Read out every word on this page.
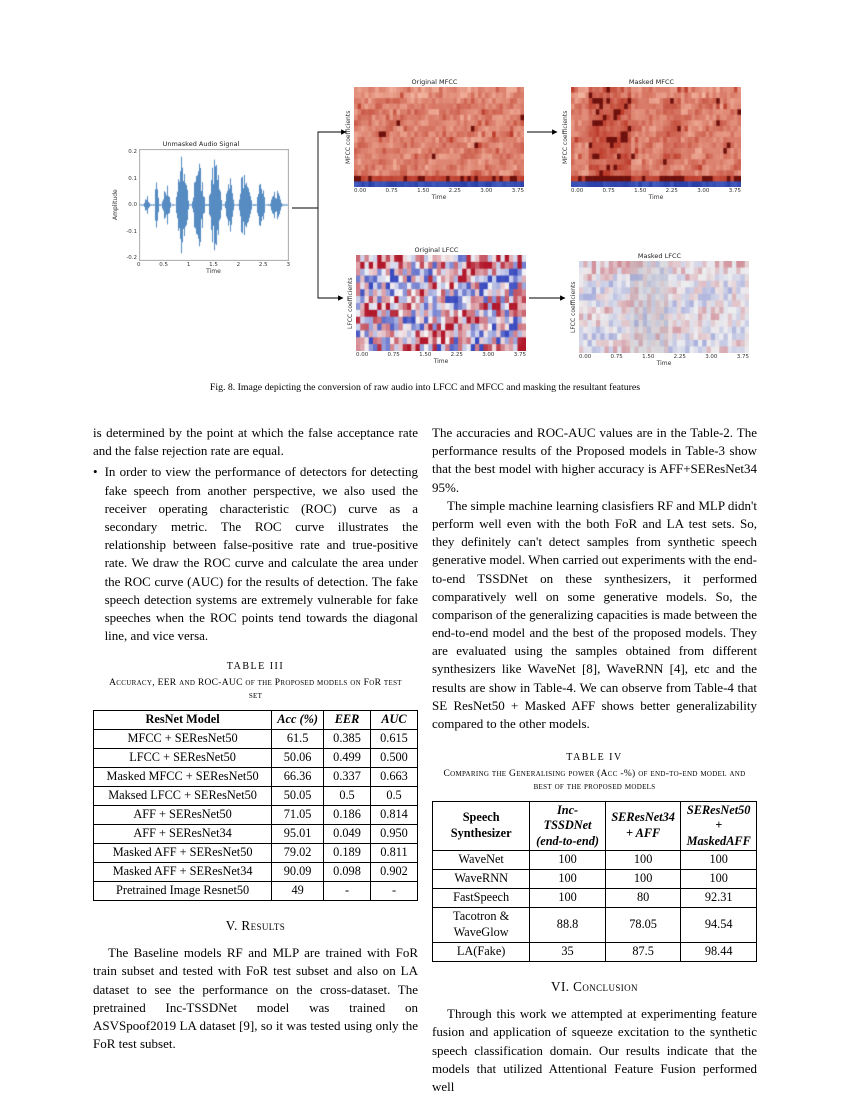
Unmasked Audio Signal
Amplitude
0.2
0.1
0.0
-0.1
-0.2
0	0.5	1	1.5	2	2.5	3
Time
Original MFCC
MFCC coefficients
0.00	0.75	1.50	2.25	3.00	3.75
Time
Masked MFCC
MFCC coefficients
0.00	0.75	1.50	2.25	3.00	3.75
Time
Original LFCC
LFCC coefficients
0.00	0.75	1.50	2.25	3.00	3.75
Time
Masked LFCC
LFCC coefficients
0.00	0.75	1.50	2.25	3.00	3.75
Time
Fig. 8. Image depicting the conversion of raw audio into LFCC and MFCC and masking the resultant features

is determined by the point at which the false acceptance rate and the false rejection rate are equal.

• In order to view the performance of detectors for detecting fake speech from another perspective, we also used the receiver operating characteristic (ROC) curve as a secondary metric. The ROC curve illustrates the relationship between false-positive rate and true-positive rate. We draw the ROC curve and calculate the area under the ROC curve (AUC) for the results of detection. The fake speech detection systems are extremely vulnerable for fake speeches when the ROC points tend towards the diagonal line, and vice versa.
TABLE III
Accuracy, EER and ROC-AUC of the Proposed models on FoR test set
ResNet Model	Acc (%)	EER	AUC
MFCC + SEResNet50	61.5	0.385	0.615
LFCC + SEResNet50	50.06	0.499	0.500
Masked MFCC + SEResNet50	66.36	0.337	0.663
Maksed LFCC + SEResNet50	50.05	0.5	0.5
AFF + SEResNet50	71.05	0.186	0.814
AFF + SEResNet34	95.01	0.049	0.950
Masked AFF + SEResNet50	79.02	0.189	0.811
Masked AFF + SEResNet34	90.09	0.098	0.902
Pretrained Image Resnet50	49	-	-
V. Results

The Baseline models RF and MLP are trained with FoR train subset and tested with FoR test subset and also on LA dataset to see the performance on the cross-dataset. The pretrained Inc-TSSDNet model was trained on ASVSpoof2019 LA dataset [9], so it was tested using only the FoR test subset.

The accuracies and ROC-AUC values are in the Table-2. The performance results of the Proposed models in Table-3 show that the best model with higher accuracy is AFF+SEResNet34 95%.

The simple machine learning clasisfiers RF and MLP didn't perform well even with the both FoR and LA test sets. So, they definitely can't detect samples from synthetic speech generative model. When carried out experiments with the end-to-end TSSDNet on these synthesizers, it performed comparatively well on some generative models. So, the comparison of the generalizing capacities is made between the end-to-end model and the best of the proposed models. They are evaluated using the samples obtained from different synthesizers like WaveNet [8], WaveRNN [4], etc and the results are show in Table-4. We can observe from Table-4 that SE ResNet50 + Masked AFF shows better generalizability compared to the other models.

TABLE IV
Comparing the Generalising power (Acc -%) of end-to-end model and best of the proposed models
Speech
Synthesizer

Inc-TSSDNet
(end-to-end)

SEResNet34
+ AFF

SEResNet50
+ MaskedAFF

WaveNet	100	100	100
WaveRNN	100	100	100
FastSpeech	100	80	92.31
Tacotron & WaveGlow	88.8	78.05	94.54
LA(Fake)	35	87.5	98.44
VI. Conclusion

Through this work we attempted at experimenting feature fusion and application of squeeze excitation to the synthetic speech classification domain. Our results indicate that the models that utilized Attentional Feature Fusion performed well
